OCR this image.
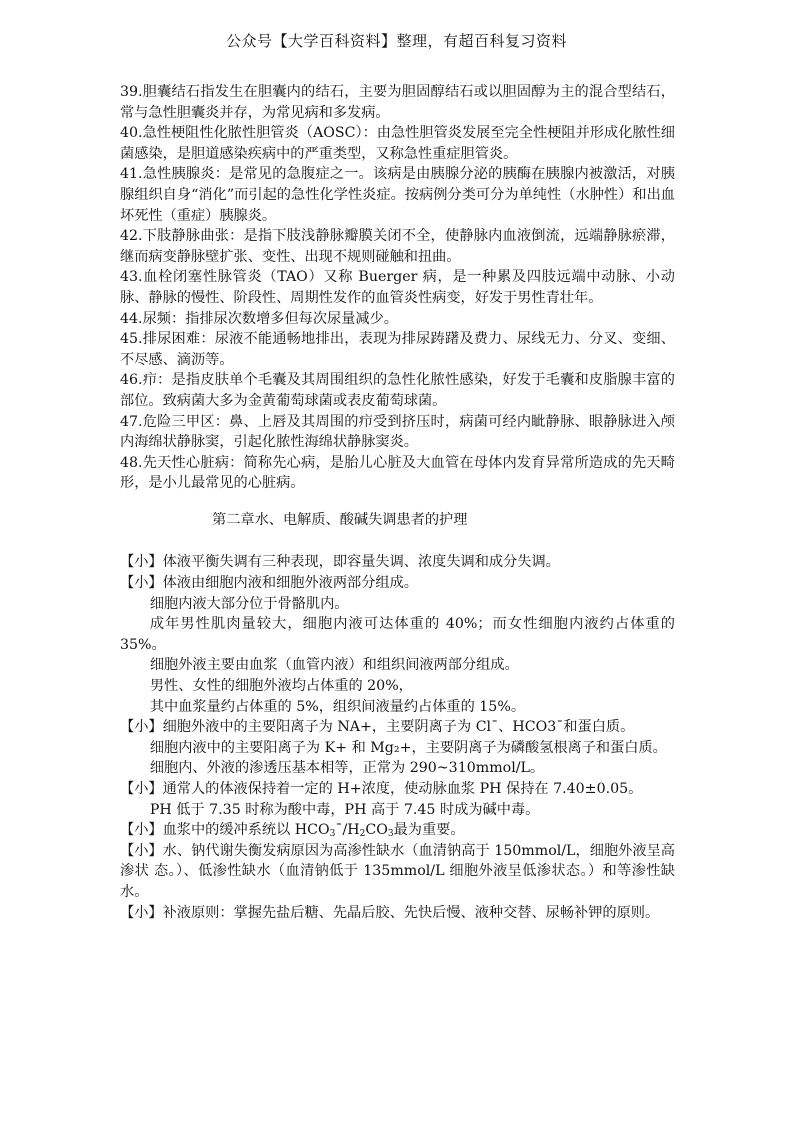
公众号【大学百科资料】整理，有超百科复习资料

39.胆囊结石指发生在胆囊内的结石，主要为胆固醇结石或以胆固醇为主的混合型结石，常与急性胆囊炎并存，为常见病和多发病。

40.急性梗阻性化脓性胆管炎（AOSC）：由急性胆管炎发展至完全性梗阻并形成化脓性细菌感染，是胆道感染疾病中的严重类型，又称急性重症胆管炎。

41.急性胰腺炎：是常见的急腹症之一。该病是由胰腺分泌的胰酶在胰腺内被激活，对胰腺组织自身“消化”而引起的急性化学性炎症。按病例分类可分为单纯性（水肿性）和出血坏死性（重症）胰腺炎。

42.下肢静脉曲张：是指下肢浅静脉瓣膜关闭不全，使静脉内血液倒流，远端静脉瘀滞，继而病变静脉壁扩张、变性、出现不规则碰触和扭曲。

43.血栓闭塞性脉管炎（TAO）又称 Buerger 病，是一种累及四肢远端中动脉、小动脉、静脉的慢性、阶段性、周期性发作的血管炎性病变，好发于男性青壮年。

44.尿频：指排尿次数增多但每次尿量减少。

45.排尿困难：尿液不能通畅地排出，表现为排尿踌躇及费力、尿线无力、分叉、变细、不尽感、滴沥等。

46.疖：是指皮肤单个毛囊及其周围组织的急性化脓性感染，好发于毛囊和皮脂腺丰富的部位。致病菌大多为金黄葡萄球菌或表皮葡萄球菌。

47.危险三甲区：鼻、上唇及其周围的疖受到挤压时，病菌可经内眦静脉、眼静脉进入颅内海绵状静脉窦，引起化脓性海绵状静脉窦炎。

48.先天性心脏病：简称先心病，是胎儿心脏及大血管在母体内发育异常所造成的先天畸形，是小儿最常见的心脏病。

第二章水、电解质、酸碱失调患者的护理

【小】体液平衡失调有三种表现，即容量失调、浓度失调和成分失调。

【小】体液由细胞内液和细胞外液两部分组成。

细胞内液大部分位于骨骼肌内。

成年男性肌肉量较大，细胞内液可达体重的 40%；而女性细胞内液约占体重的 35%。

细胞外液主要由血浆（血管内液）和组织间液两部分组成。

男性、女性的细胞外液均占体重的 20%，

其中血浆量约占体重的 5%，组织间液量约占体重的 15%。

【小】细胞外液中的主要阳离子为 NA+，主要阴离子为 Cl¯、HCO3¯和蛋白质。

细胞内液中的主要阳离子为 K+ 和 Mg₂+，主要阴离子为磷酸氢根离子和蛋白质。

细胞内、外液的渗透压基本相等，正常为 290~310mmol/L。

【小】通常人的体液保持着一定的 H+浓度，使动脉血浆 PH 保持在 7.40±0.05。

PH 低于 7.35 时称为酸中毒，PH 高于 7.45 时成为碱中毒。

【小】血浆中的缓冲系统以 $HCO_3¯/H_2CO_3$最为重要。

【小】水、钠代谢失衡发病原因为高渗性缺水（血清钠高于 150mmol/L，细胞外液呈高渗状 态。）、低渗性缺水（血清钠低于 135mmol/L 细胞外液呈低渗状态。）和等渗性缺水。

【小】补液原则：掌握先盐后糖、先晶后胶、先快后慢、液种交替、尿畅补钾的原则。
